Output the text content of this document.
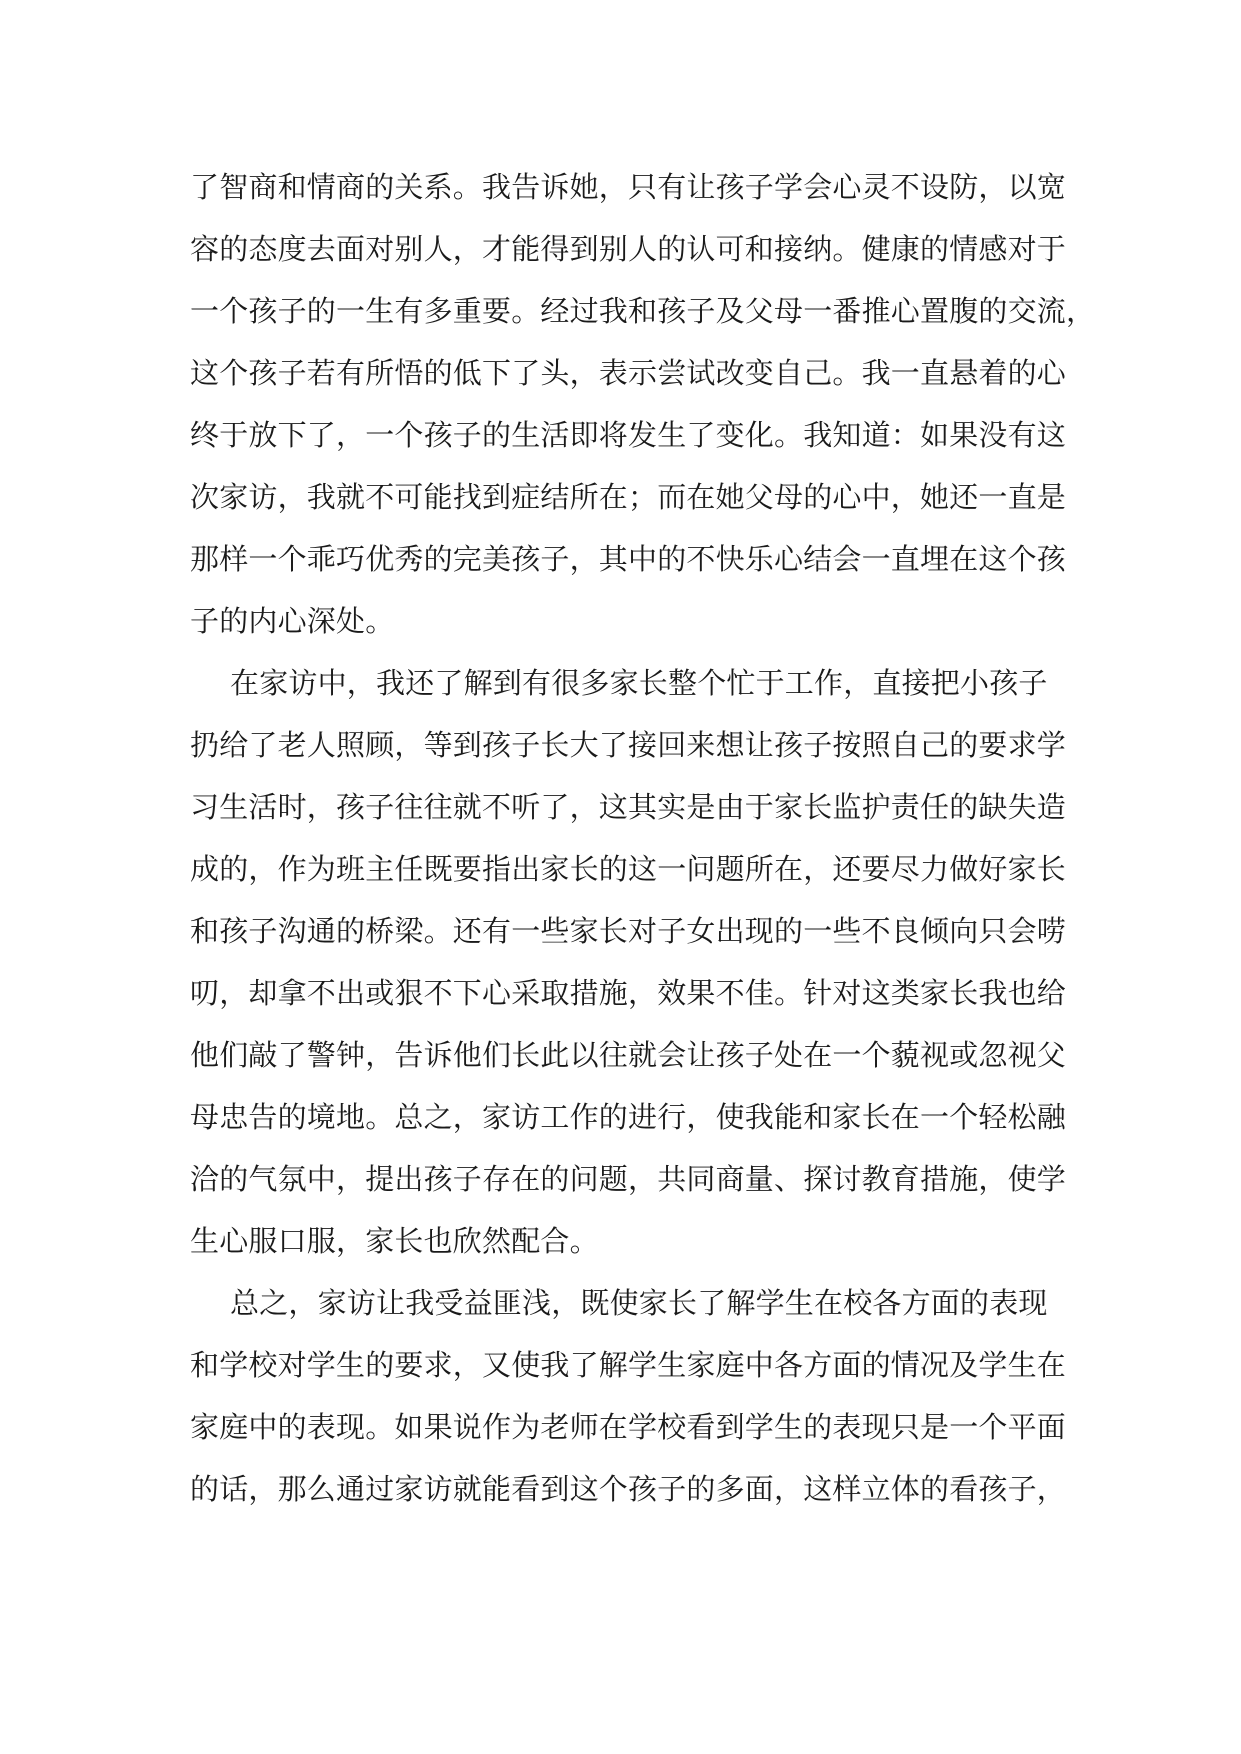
了智商和情商的关系。我告诉她，只有让孩子学会心灵不设防，以宽
容的态度去面对别人，才能得到别人的认可和接纳。健康的情感对于
一个孩子的一生有多重要。经过我和孩子及父母一番推心置腹的交流，
这个孩子若有所悟的低下了头，表示尝试改变自己。我一直悬着的心
终于放下了，一个孩子的生活即将发生了变化。我知道：如果没有这
次家访，我就不可能找到症结所在；而在她父母的心中，她还一直是
那样一个乖巧优秀的完美孩子，其中的不快乐心结会一直埋在这个孩
子的内心深处。
在家访中，我还了解到有很多家长整个忙于工作，直接把小孩子
扔给了老人照顾，等到孩子长大了接回来想让孩子按照自己的要求学
习生活时，孩子往往就不听了，这其实是由于家长监护责任的缺失造
成的，作为班主任既要指出家长的这一问题所在，还要尽力做好家长
和孩子沟通的桥梁。还有一些家长对子女出现的一些不良倾向只会唠
叨，却拿不出或狠不下心采取措施，效果不佳。针对这类家长我也给
他们敲了警钟，告诉他们长此以往就会让孩子处在一个藐视或忽视父
母忠告的境地。总之，家访工作的进行，使我能和家长在一个轻松融
洽的气氛中，提出孩子存在的问题，共同商量、探讨教育措施，使学
生心服口服，家长也欣然配合。
总之，家访让我受益匪浅，既使家长了解学生在校各方面的表现
和学校对学生的要求，又使我了解学生家庭中各方面的情况及学生在
家庭中的表现。如果说作为老师在学校看到学生的表现只是一个平面
的话，那么通过家访就能看到这个孩子的多面，这样立体的看孩子，
